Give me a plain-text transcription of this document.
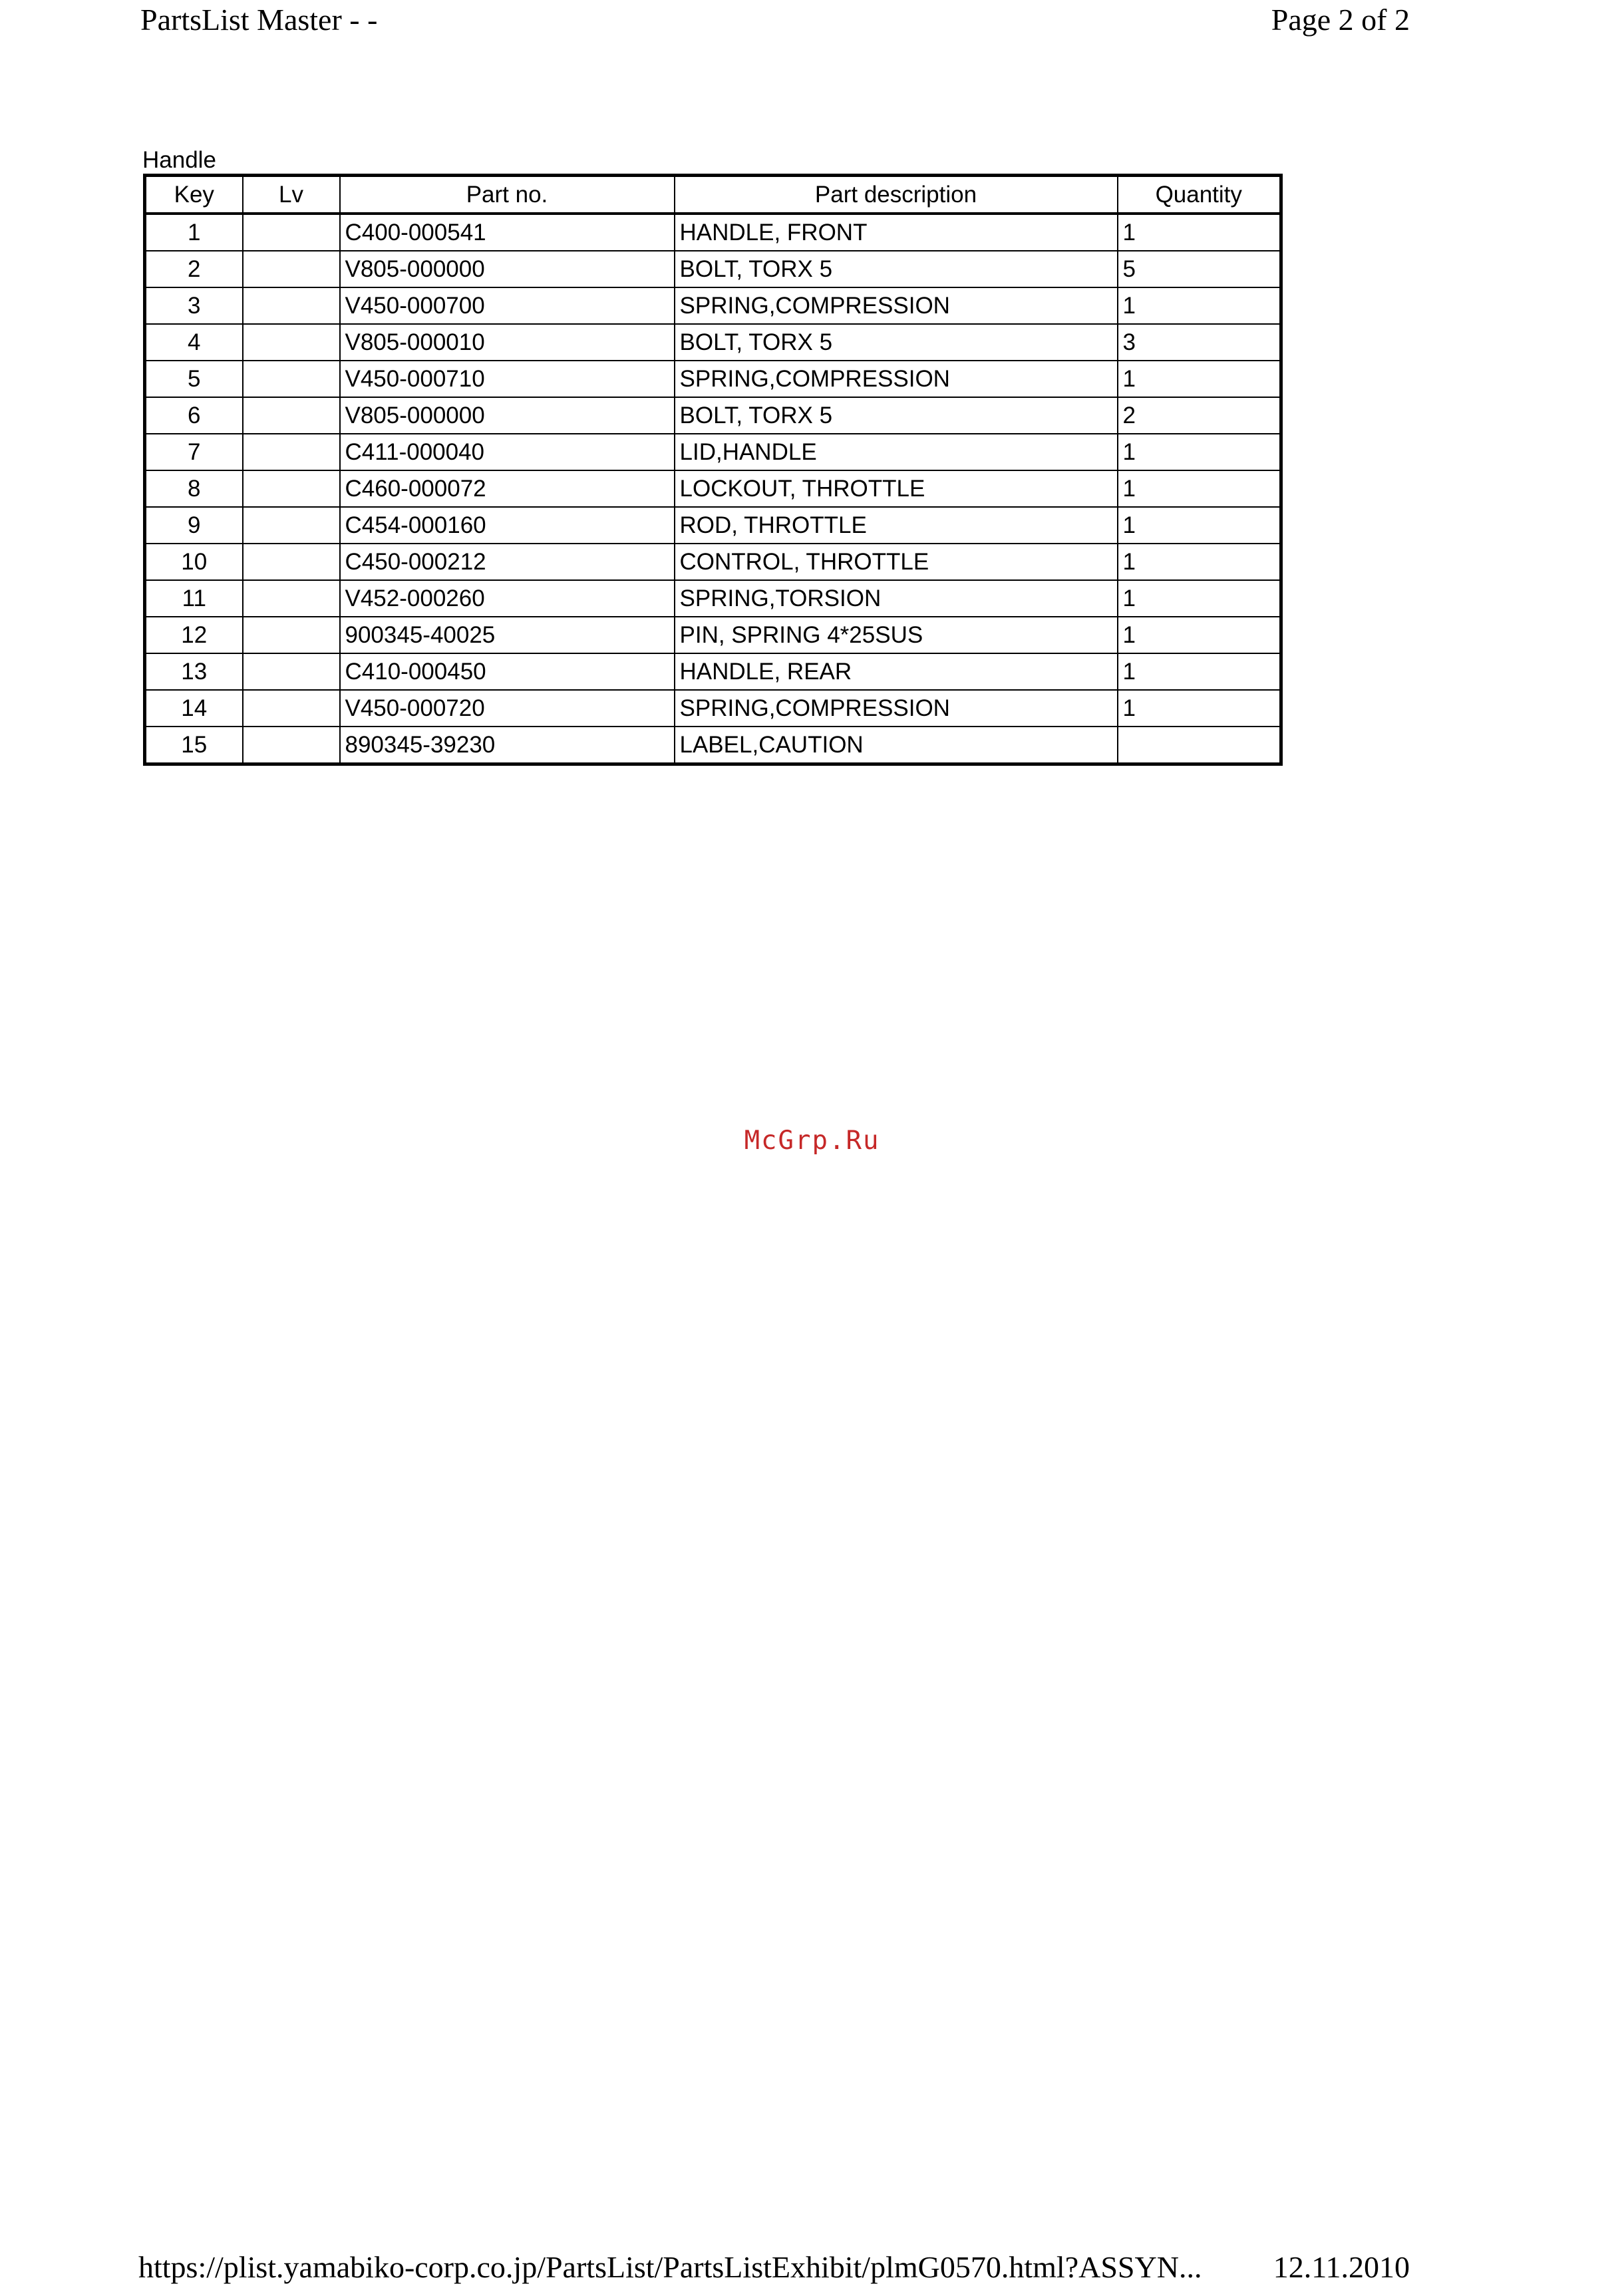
PartsList Master - -	Page 2 of 2
Handle
Key	Lv	Part no.	Part description	Quantity
1		C400-000541	HANDLE, FRONT	1
2		V805-000000	BOLT, TORX 5	5
3		V450-000700	SPRING,COMPRESSION	1
4		V805-000010	BOLT, TORX 5	3
5		V450-000710	SPRING,COMPRESSION	1
6		V805-000000	BOLT, TORX 5	2
7		C411-000040	LID,HANDLE	1
8		C460-000072	LOCKOUT, THROTTLE	1
9		C454-000160	ROD, THROTTLE	1
10		C450-000212	CONTROL, THROTTLE	1
11		V452-000260	SPRING,TORSION	1
12		900345-40025	PIN, SPRING 4*25SUS	1
13		C410-000450	HANDLE, REAR	1
14		V450-000720	SPRING,COMPRESSION	1
15		890345-39230	LABEL,CAUTION	
McGrp.Ru
https://plist.yamabiko-corp.co.jp/PartsList/PartsListExhibit/plmG0570.html?ASSYN... 12.11.2010
